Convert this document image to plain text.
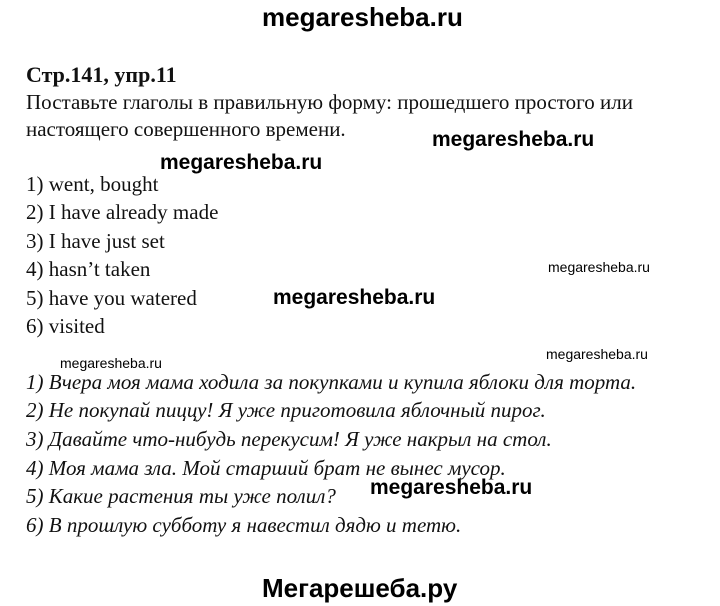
megaresheba.ru
megaresheba.ru
megaresheba.ru
megaresheba.ru
megaresheba.ru
megaresheba.ru
megaresheba.ru
megaresheba.ru
Мегарешеба.ру
Стр.141, упр.11
Поставьте глаголы в правильную форму: прошедшего простого или
настоящего совершенного времени.
1) went, bought
2) I have already made
3) I have just set
4) hasn’t taken
5) have you watered
6) visited
1) Вчера моя мама ходила за покупками и купила яблоки для торта.
2) Не покупай пиццу! Я уже приготовила яблочный пирог.
3) Давайте что-нибудь перекусим! Я уже накрыл на стол.
4) Моя мама зла. Мой старший брат не вынес мусор.
5) Какие растения ты уже полил?
6) В прошлую субботу я навестил дядю и тетю.
